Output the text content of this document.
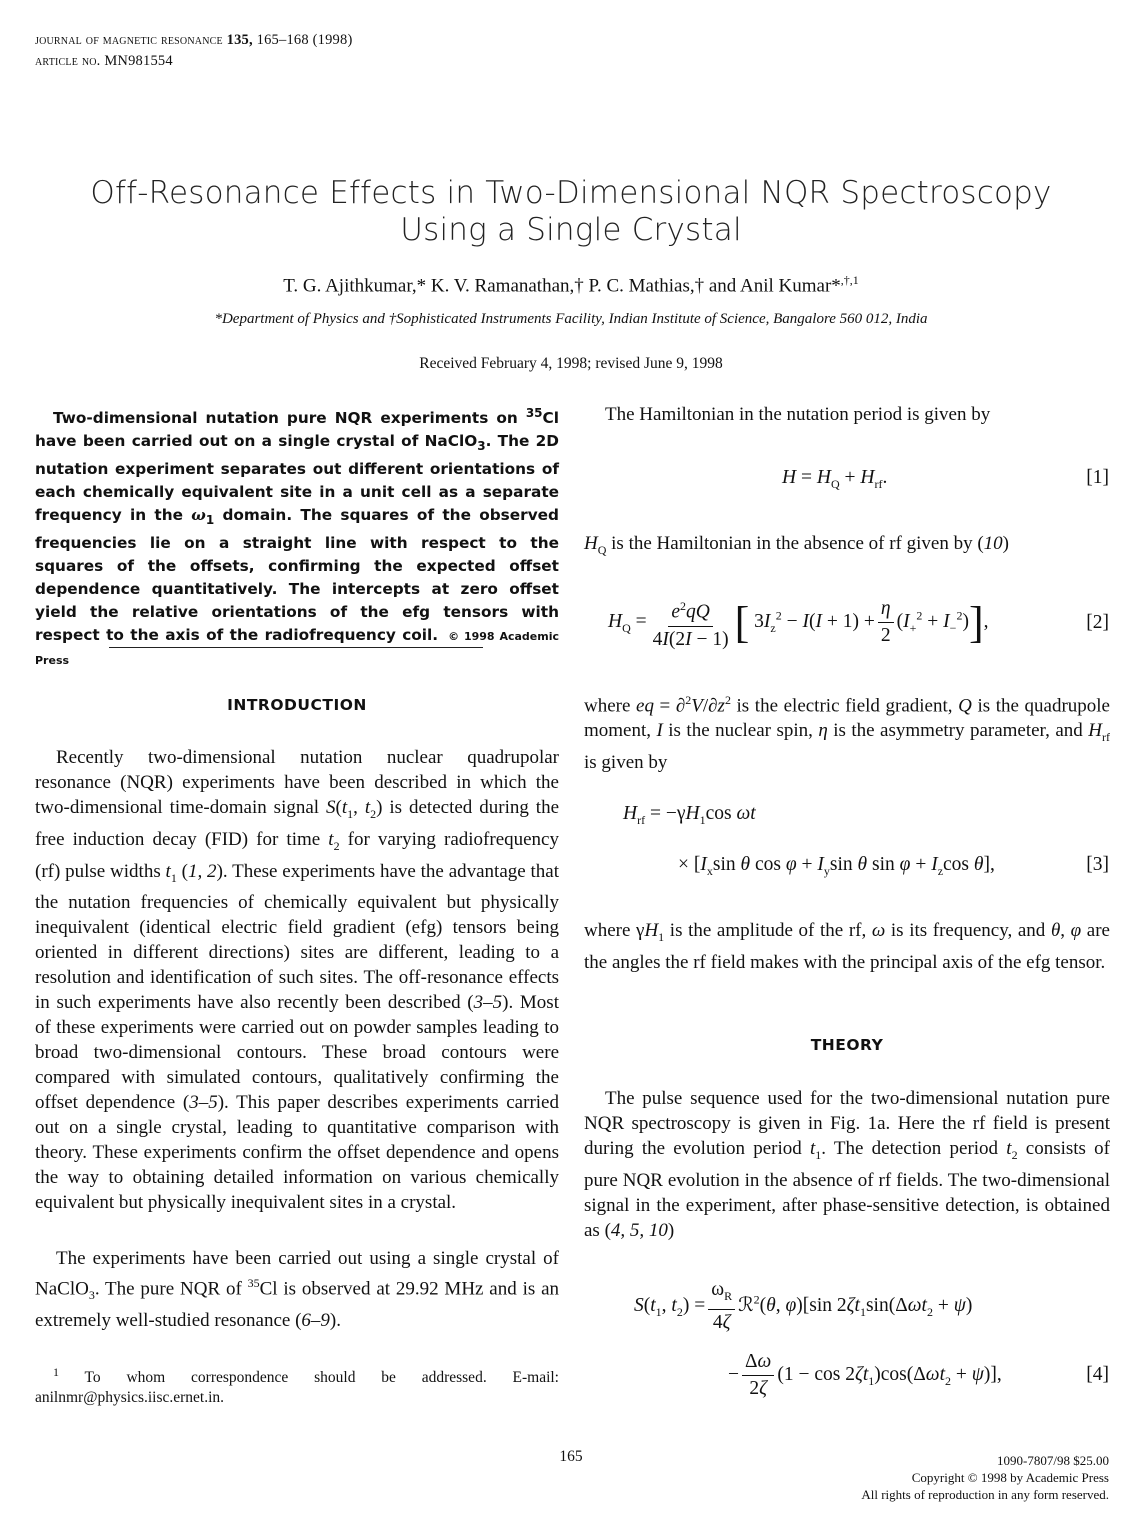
journal of magnetic resonance 135, 165–168 (1998)
article no. MN981554
Off-Resonance Effects in Two-Dimensional NQR Spectroscopy
Using a Single Crystal
T. G. Ajithkumar,* K. V. Ramanathan,† P. C. Mathias,† and Anil Kumar*$^{,\dagger,1}$
*Department of Physics and †Sophisticated Instruments Facility, Indian Institute of Science, Bangalore 560 012, India
Received February 4, 1998; revised June 9, 1998
Two-dimensional nutation pure NQR experiments on $^{35}$Cl have been carried out on a single crystal of NaClO$_3$. The 2D nutation experiment separates out different orientations of each chemically equivalent site in a unit cell as a separate frequency in the $\omega_1$ domain. The squares of the observed frequencies lie on a straight line with respect to the squares of the offsets, confirming the expected offset dependence quantitatively. The intercepts at zero offset yield the relative orientations of the efg tensors with respect to the axis of the radiofrequency coil. © 1998 Academic Press
INTRODUCTION
Recently two-dimensional nutation nuclear quadrupolar resonance (NQR) experiments have been described in which the two-dimensional time-domain signal $S(t_1$, $t_2$) is detected during the free induction decay (FID) for time $t_2$ for varying radiofrequency (rf) pulse widths $t_1$ (1, 2). These experiments have the advantage that the nutation frequencies of chemically equivalent but physically inequivalent (identical electric field gradient (efg) tensors being oriented in different directions) sites are different, leading to a resolution and identification of such sites. The off-resonance effects in such experiments have also recently been described (3–5). Most of these experiments were carried out on powder samples leading to broad two-dimensional contours. These broad contours were compared with simulated contours, qualitatively confirming the offset dependence (3–5). This paper describes experiments carried out on a single crystal, leading to quantitative comparison with theory. These experiments confirm the offset dependence and opens the way to obtaining detailed information on various chemically equivalent but physically inequivalent sites in a crystal.
The experiments have been carried out using a single crystal of NaClO$_3$. The pure NQR of $^{35}$Cl is observed at 29.92 MHz and is an extremely well-studied resonance (6–9).
$^1$ To whom correspondence should be addressed. E-mail: anilnmr@physics.iisc.ernet.in.
The Hamiltonian in the nutation period is given by
$H = H_Q + H_{rf}$.	[1]
$H_Q$ is the Hamiltonian in the absence of rf given by (10)
$H_Q = \frac{e^2qQ}{4I(2I - 1)}$ [ $3I_z^2 - I(I + 1) + \frac{\eta}{2} (I_+^2 + I_-^2)$],	[2]
where eq = $\partial^2V/\partial z^2$ is the electric field gradient, Q is the quadrupole moment, I is the nuclear spin, η is the asymmetry parameter, and $H_{rf}$ is given by
$H_{rf} = -\gamma H_1\cos$ ωt
× [$I_x\sin$ θ $\cos \varphi + I_y\sin$ θ $\sin \varphi + I_z\cos$ θ],	[3]
where $\gamma H_1$ is the amplitude of the rf, ω is its frequency, and θ, φ are the angles the rf field makes with the principal axis of the efg tensor.
THEORY
The pulse sequence used for the two-dimensional nutation pure NQR spectroscopy is given in Fig. 1a. Here the rf field is present during the evolution period $t_1$. The detection period $t_2$ consists of pure NQR evolution in the absence of rf fields. The two-dimensional signal in the experiment, after phase-sensitive detection, is obtained as (4, 5, 10)
$S(t_1$, $t_2) = \frac{\omega_R}{4\zeta}$ ℛ$^2$(θ, φ)[sin $2\zeta t_1\sin(\Delta\omega t_2 + \psi)$
− $\frac{\Delta\omega}{2\zeta} (1 - \cos 2\zeta t_1)\cos(\Delta\omega t_2 + \psi)$],	[4]
165	1090-7807/98 $25.00
Copyright © 1998 by Academic Press
All rights of reproduction in any form reserved.
